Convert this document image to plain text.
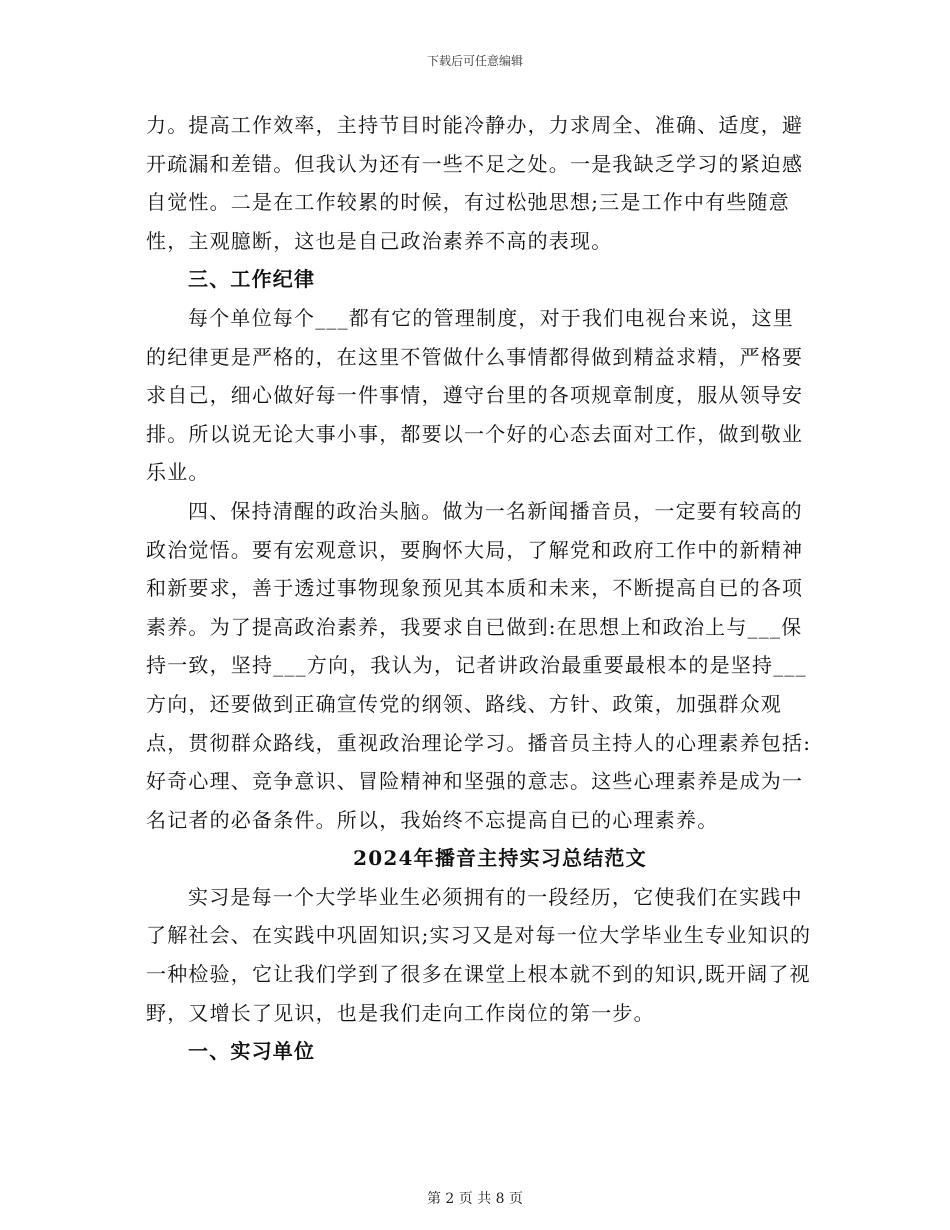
下载后可任意编辑

力。提高工作效率，主持节目时能冷静办，力求周全、准确、适度，避开疏漏和差错。但我认为还有一些不足之处。一是我缺乏学习的紧迫感自觉性。二是在工作较累的时候，有过松弛思想;三是工作中有些随意性，主观臆断，这也是自己政治素养不高的表现。

三、工作纪律

每个单位每个___都有它的管理制度，对于我们电视台来说，这里的纪律更是严格的，在这里不管做什么事情都得做到精益求精，严格要求自己，细心做好每一件事情，遵守台里的各项规章制度，服从领导安排。所以说无论大事小事，都要以一个好的心态去面对工作，做到敬业乐业。

四、保持清醒的政治头脑。做为一名新闻播音员，一定要有较高的政治觉悟。要有宏观意识，要胸怀大局，了解党和政府工作中的新精神和新要求，善于透过事物现象预见其本质和未来，不断提高自已的各项素养。为了提高政治素养，我要求自已做到:在思想上和政治上与___保持一致，坚持___方向，我认为，记者讲政治最重要最根本的是坚持___方向，还要做到正确宣传党的纲领、路线、方针、政策，加强群众观点，贯彻群众路线，重视政治理论学习。播音员主持人的心理素养包括:好奇心理、竞争意识、冒险精神和坚强的意志。这些心理素养是成为一名记者的必备条件。所以，我始终不忘提高自已的心理素养。

2024年播音主持实习总结范文

实习是每一个大学毕业生必须拥有的一段经历，它使我们在实践中了解社会、在实践中巩固知识;实习又是对每一位大学毕业生专业知识的一种检验，它让我们学到了很多在课堂上根本就不到的知识,既开阔了视野，又增长了见识，也是我们走向工作岗位的第一步。

一、实习单位

第 2 页 共 8 页
